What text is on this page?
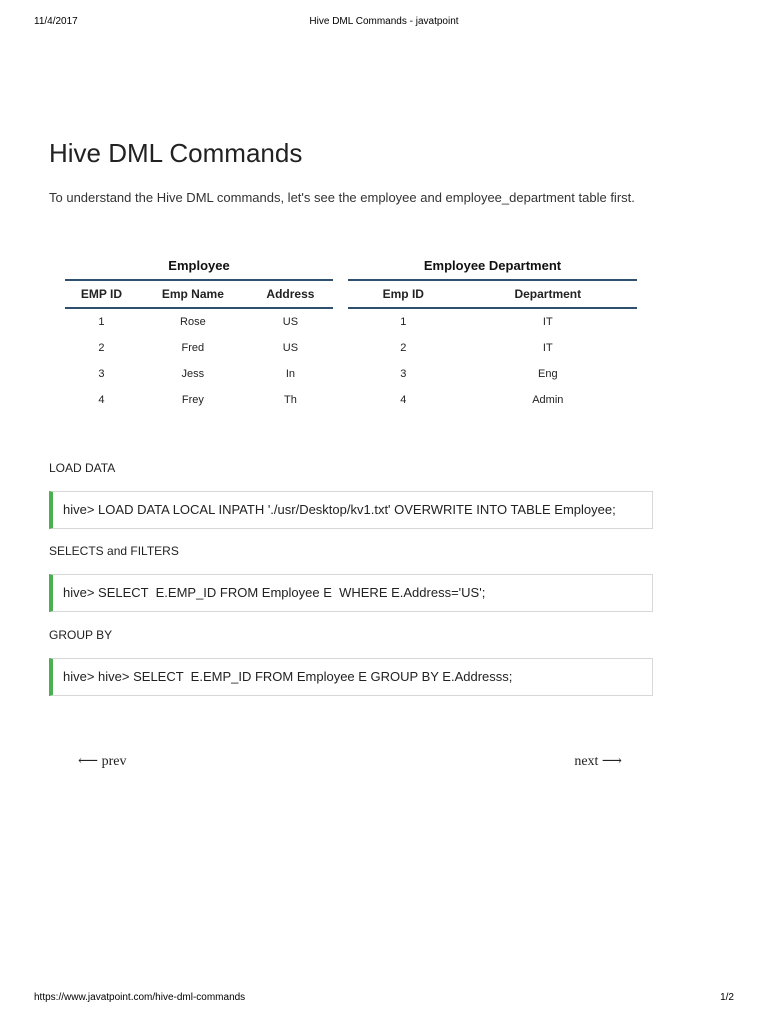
11/4/2017	Hive DML Commands - javatpoint
Hive DML Commands

To understand the Hive DML commands, let's see the employee and employee_department table first.

Employee
EMP ID	Emp Name	Address
1	Rose	US
2	Fred	US
3	Jess	In
4	Frey	Th
Employee Department
Emp ID	Department
1	IT
2	IT
3	Eng
4	Admin

LOAD DATA

hive> LOAD DATA LOCAL INPATH './usr/Desktop/kv1.txt' OVERWRITE INTO TABLE Employee;

SELECTS and FILTERS

hive> SELECT  E.EMP_ID FROM Employee E  WHERE E.Address='US';

GROUP BY

hive> hive> SELECT  E.EMP_ID FROM Employee E GROUP BY E.Addresss;
⟵ prev	next ⟶
https://www.javatpoint.com/hive-dml-commands	1/2
